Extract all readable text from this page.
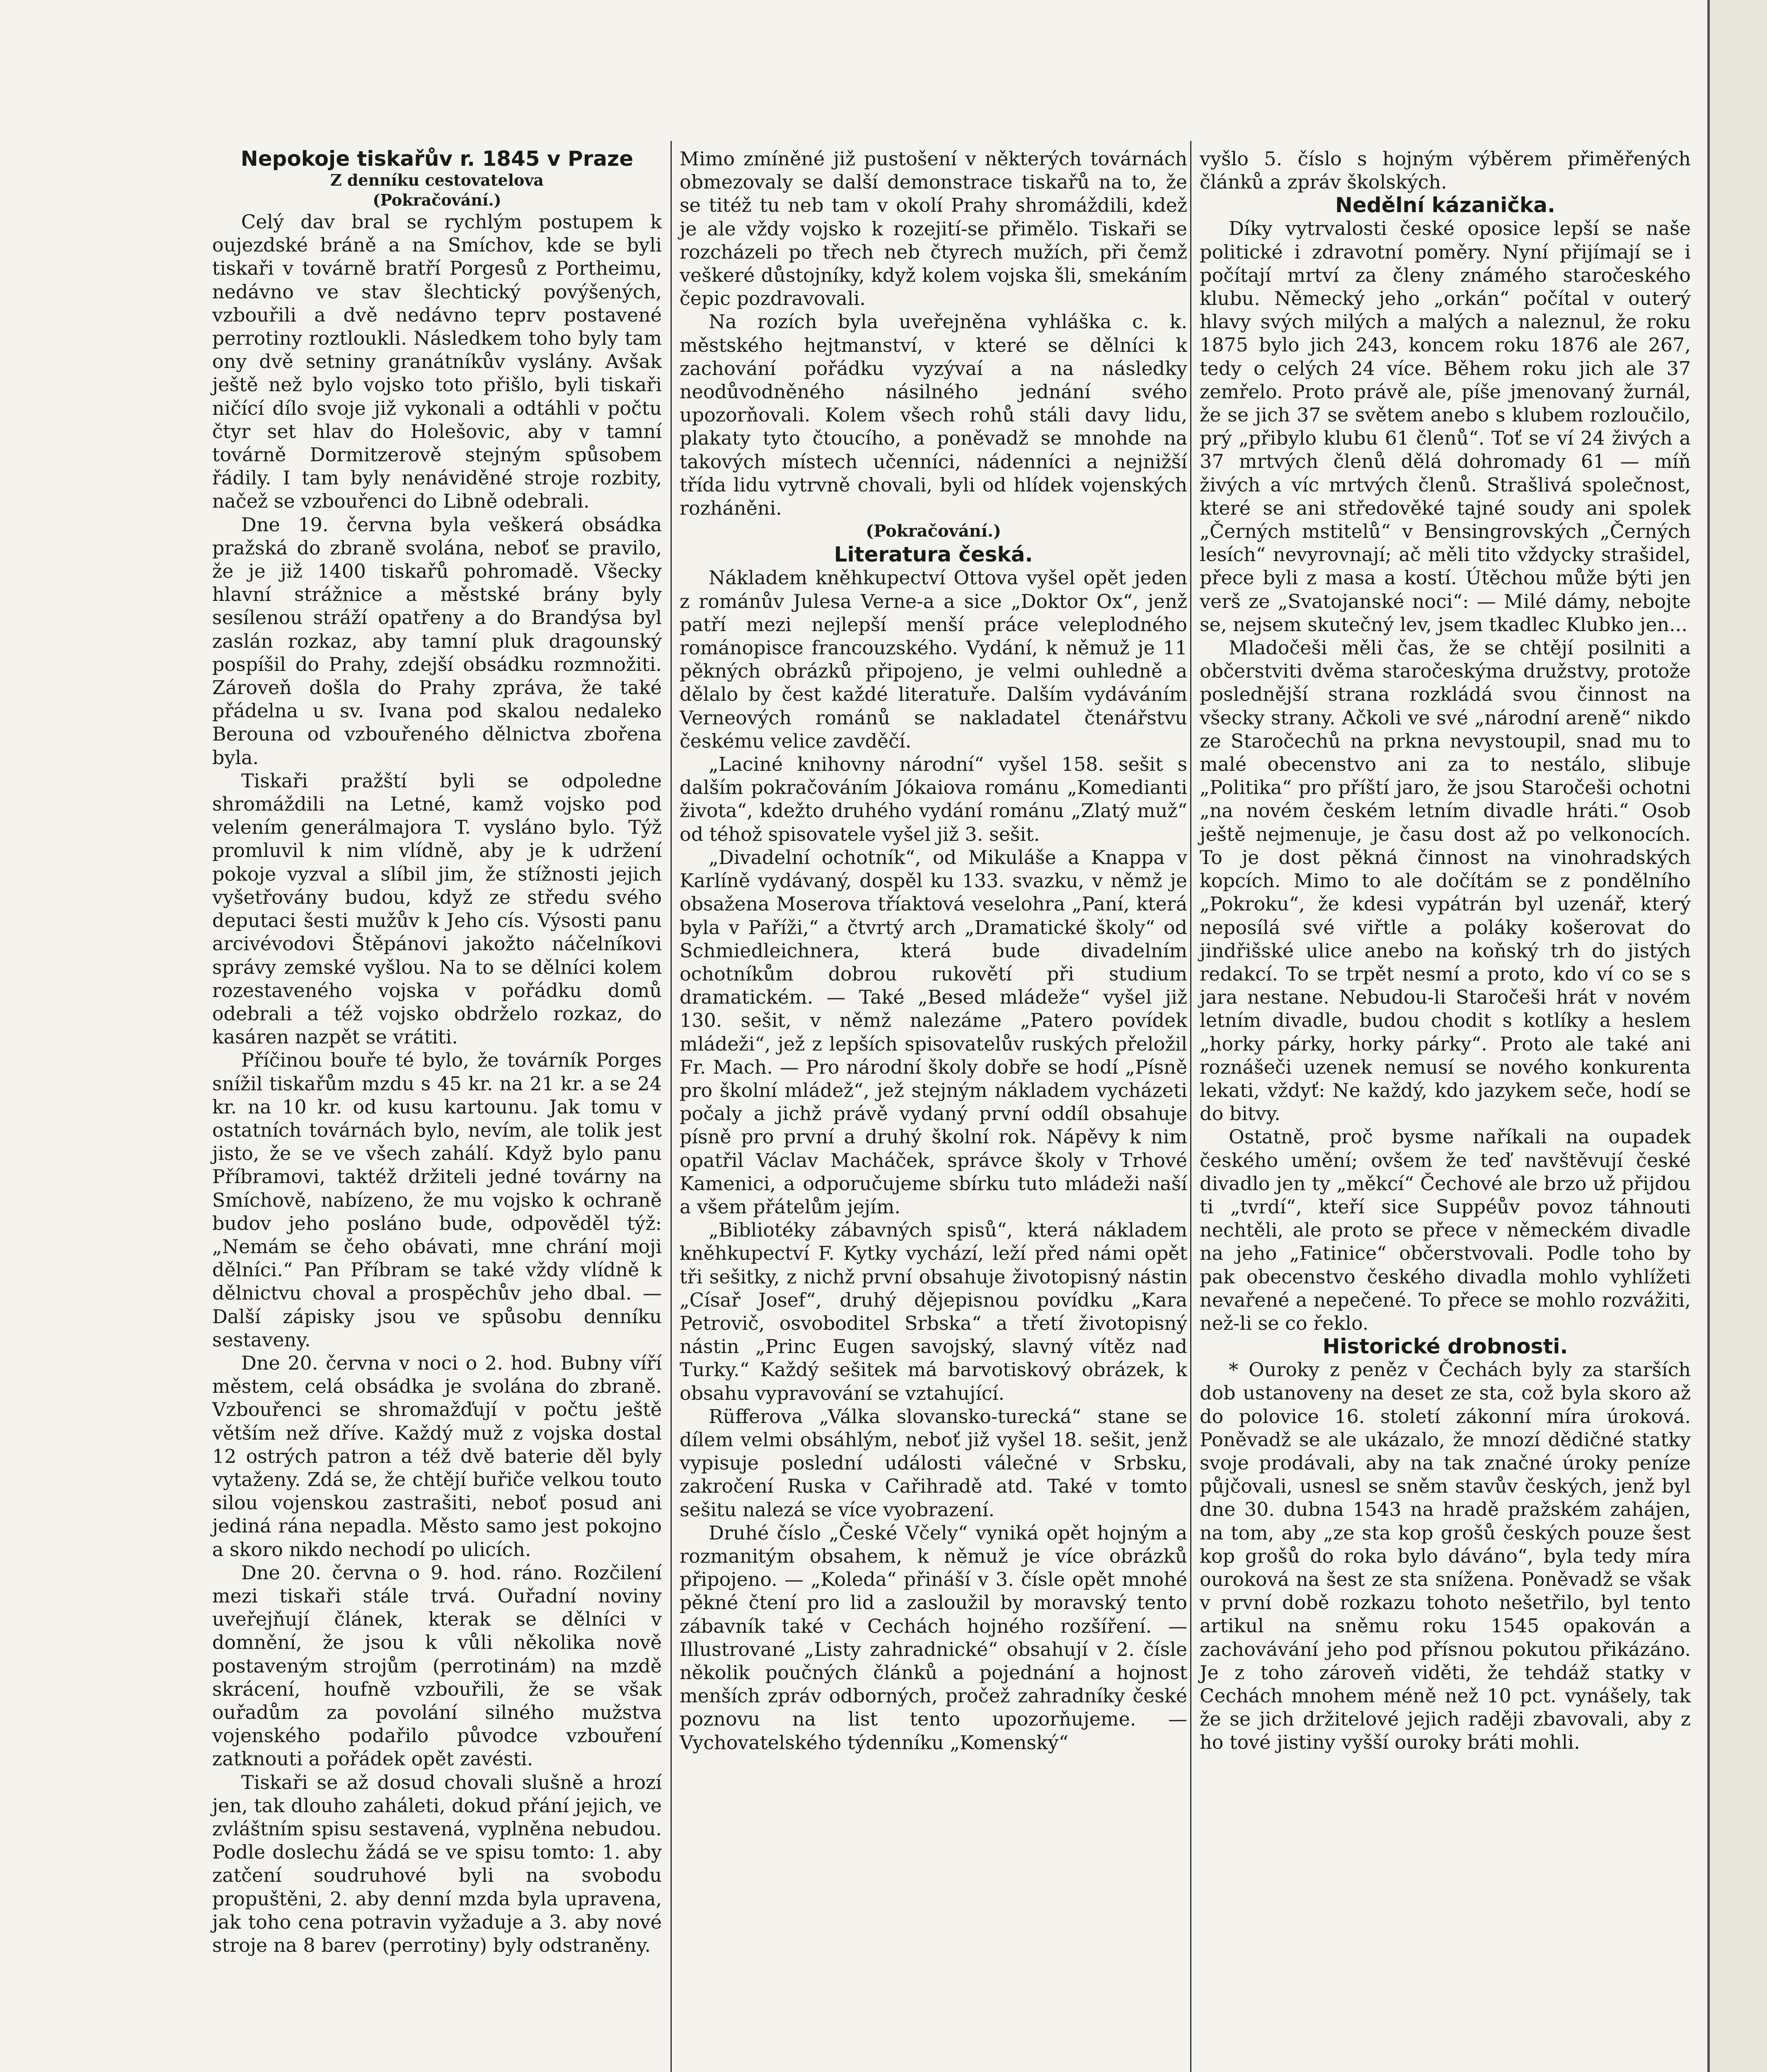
Nepokoje tiskařův r. 1845 v Praze
Z denníku cestovatelova
(Pokračování.)

Celý dav bral se rychlým postupem k oujezdské bráně a na Smíchov, kde se byli tiskaři v továrně bratří Porgesů z Portheimu, nedávno ve stav šlechtický povýšených, vzbouřili a dvě nedávno teprv postavené perrotiny roztloukli. Následkem toho byly tam ony dvě setniny granátníkův vyslány. Avšak ještě než bylo vojsko toto přišlo, byli tiskaři ničící dílo svoje již vykonali a odtáhli v počtu čtyr set hlav do Holešovic, aby v tamní továrně Dormitzerově stejným spůsobem řádily. I tam byly nenáviděné stroje rozbity, načež se vzbouřenci do Libně odebrali.

Dne 19. června byla veškerá obsádka pražská do zbraně svolána, neboť se pravilo, že je již 1400 tiskařů pohromadě. Všecky hlavní strážnice a městské brány byly sesílenou stráží opatřeny a do Brandýsa byl zaslán rozkaz, aby tamní pluk dragounský pospíšil do Prahy, zdejší obsádku rozmnožiti. Zároveň došla do Prahy zpráva, že také přádelna u sv. Ivana pod skalou nedaleko Berouna od vzbouřeného dělnictva zbořena byla.

Tiskaři pražští byli se odpoledne shromáždili na Letné, kamž vojsko pod velením generálmajora T. vysláno bylo. Týž promluvil k nim vlídně, aby je k udržení pokoje vyzval a slíbil jim, že stížnosti jejich vyšetřovány budou, když ze středu svého deputaci šesti mužův k Jeho cís. Výsosti panu arcivévodovi Štěpánovi jakožto náčelníkovi správy zemské vyšlou. Na to se dělníci kolem rozestaveného vojska v pořádku domů odebrali a též vojsko obdrželo rozkaz, do kasáren nazpět se vrátiti.

Příčinou bouře té bylo, že továrník Porges snížil tiskařům mzdu s 45 kr. na 21 kr. a se 24 kr. na 10 kr. od kusu kartounu. Jak tomu v ostatních továrnách bylo, nevím, ale tolik jest jisto, že se ve všech zahálí. Když bylo panu Příbramovi, taktéž držiteli jedné továrny na Smíchově, nabízeno, že mu vojsko k ochraně budov jeho posláno bude, odpověděl týž: „Nemám se čeho obávati, mne chrání moji dělníci.“ Pan Příbram se také vždy vlídně k dělnictvu choval a prospěchův jeho dbal. — Další zápisky jsou ve spůsobu denníku sestaveny.

Dne 20. června v noci o 2. hod. Bubny víří městem, celá obsádka je svolána do zbraně. Vzbouřenci se shromažďují v počtu ještě větším než dříve. Každý muž z vojska dostal 12 ostrých patron a též dvě baterie děl byly vytaženy. Zdá se, že chtějí buřiče velkou touto silou vojenskou zastrašiti, neboť posud ani jediná rána nepadla. Město samo jest pokojno a skoro nikdo nechodí po ulicích.

Dne 20. června o 9. hod. ráno. Rozčilení mezi tiskaři stále trvá. Ouřadní noviny uveřejňují článek, kterak se dělníci v domnění, že jsou k vůli několika nově postaveným strojům (perrotinám) na mzdě skrácení, houfně vzbouřili, že se však ouřadům za povolání silného mužstva vojenského podařilo původce vzbouření zatknouti a pořádek opět zavésti.

Tiskaři se až dosud chovali slušně a hrozí jen, tak dlouho zaháleti, dokud přání jejich, ve zvláštním spisu sestavená, vyplněna nebudou. Podle doslechu žádá se ve spisu tomto: 1. aby zatčení soudruhové byli na svobodu propuštěni, 2. aby denní mzda byla upravena, jak toho cena potravin vyžaduje a 3. aby nové stroje na 8 barev (perrotiny) byly odstraněny.

Mimo zmíněné již pustošení v některých továrnách obmezovaly se další demonstrace tiskařů na to, že se titéž tu neb tam v okolí Prahy shromáždili, kdež je ale vždy vojsko k rozejití-se přimělo. Tiskaři se rozcházeli po třech neb čtyrech mužích, při čemž veškeré důstojníky, když kolem vojska šli, smekáním čepic pozdravovali.

Na rozích byla uveřejněna vyhláška c. k. městského hejtmanství, v které se dělníci k zachování pořádku vyzývaí a na následky neodůvodněného násilného jednání svého upozorňovali. Kolem všech rohů stáli davy lidu, plakaty tyto čtoucího, a poněvadž se mnohde na takových místech učenníci, nádenníci a nejnižší třída lidu vytrvně chovali, byli od hlídek vojenských rozháněni.

(Pokračování.)
Literatura česká.

Nákladem kněhkupectví Ottova vyšel opět jeden z románův Julesa Verne-a a sice „Doktor Ox“, jenž patří mezi nejlepší menší práce veleplodného románopisce francouzského. Vydání, k němuž je 11 pěkných obrázků připojeno, je velmi ouhledně a dělalo by čest každé literatuře. Dalším vydáváním Verneových románů se nakladatel čtenářstvu českému velice zavděčí.

„Laciné knihovny národní“ vyšel 158. sešit s dalším pokračováním Jókaiova románu „Komedianti života“, kdežto druhého vydání románu „Zlatý muž“ od téhož spisovatele vyšel již 3. sešit.

„Divadelní ochotník“, od Mikuláše a Knappa v Karlíně vydávaný, dospěl ku 133. svazku, v němž je obsažena Moserova tříaktová veselohra „Paní, která byla v Paříži,“ a čtvrtý arch „Dramatické školy“ od Schmiedleichnera, která bude divadelním ochotníkům dobrou rukovětí při studium dramatickém. — Také „Besed mládeže“ vyšel již 130. sešit, v němž nalezáme „Patero povídek mládeži“, jež z lepších spisovatelův ruských přeložil Fr. Mach. — Pro národní školy dobře se hodí „Písně pro školní mládež“, jež stejným nákladem vycházeti počaly a jichž právě vydaný první oddíl obsahuje písně pro první a druhý školní rok. Nápěvy k nim opatřil Václav Macháček, správce školy v Trhové Kamenici, a odporučujeme sbírku tuto mládeži naší a všem přátelům jejím.

„Bibliotéky zábavných spisů“, která nákladem kněhkupectví F. Kytky vychází, leží před námi opět tři sešitky, z nichž první obsahuje životopisný nástin „Císař Josef“, druhý dějepisnou povídku „Kara Petrovič, osvoboditel Srbska“ a třetí životopisný nástin „Princ Eugen savojský, slavný vítěz nad Turky.“ Každý sešitek má barvotiskový obrázek, k obsahu vypravování se vztahující.

Rüfferova „Válka slovansko-turecká“ stane se dílem velmi obsáhlým, neboť již vyšel 18. sešit, jenž vypisuje poslední události válečné v Srbsku, zakročení Ruska v Cařihradě atd. Také v tomto sešitu nalezá se více vyobrazení.

Druhé číslo „České Včely“ vyniká opět hojným a rozmanitým obsahem, k němuž je více obrázků připojeno. — „Koleda“ přináší v 3. čísle opět mnohé pěkné čtení pro lid a zasloužil by moravský tento zábavník také v Cechách hojného rozšíření. — Illustrované „Listy zahradnické“ obsahují v 2. čísle několik poučných článků a pojednání a hojnost menších zpráv odborných, pročež zahradníky české poznovu na list tento upozorňujeme. — Vychovatelského týdenníku „Komenský“

vyšlo 5. číslo s hojným výběrem přiměřených článků a zpráv školských.

Nedělní kázanička.

Díky vytrvalosti české oposice lepší se naše politické i zdravotní poměry. Nyní přijímají se i počítají mrtví za členy známého staročeského klubu. Německý jeho „orkán“ počítal v outerý hlavy svých milých a malých a naleznul, že roku 1875 bylo jich 243, koncem roku 1876 ale 267, tedy o celých 24 více. Během roku jich ale 37 zemřelo. Proto právě ale, píše jmenovaný žurnál, že se jich 37 se světem anebo s klubem rozloučilo, prý „přibylo klubu 61 členů“. Toť se ví 24 živých a 37 mrtvých členů dělá dohromady 61 — míň živých a víc mrtvých členů. Strašlivá společnost, které se ani středověké tajné soudy ani spolek „Černých mstitelů“ v Bensingrovských „Černých lesích“ nevyrovnají; ač měli tito vždycky strašidel, přece byli z masa a kostí. Útěchou může býti jen verš ze „Svatojanské noci“: — Milé dámy, nebojte se, nejsem skutečný lev, jsem tkadlec Klubko jen...

Mladočeši měli čas, že se chtějí posilniti a občerstviti dvěma staročeskýma družstvy, protože poslednější strana rozkládá svou činnost na všecky strany. Ačkoli ve své „národní areně“ nikdo ze Staročechů na prkna nevystoupil, snad mu to malé obecenstvo ani za to nestálo, slibuje „Politika“ pro příští jaro, že jsou Staročeši ochotni „na novém českém letním divadle hráti.“ Osob ještě nejmenuje, je času dost až po velkonocích. To je dost pěkná činnost na vinohradských kopcích. Mimo to ale dočítám se z pondělního „Pokroku“, že kdesi vypátrán byl uzenář, který neposílá své viřtle a poláky košerovat do jindřišské ulice anebo na koňský trh do jistých redakcí. To se trpět nesmí a proto, kdo ví co se s jara nestane. Nebudou-li Staročeši hrát v novém letním divadle, budou chodit s kotlíky a heslem „horky párky, horky párky“. Proto ale také ani roznášeči uzenek nemusí se nového konkurenta lekati, vždyť: Ne každý, kdo jazykem seče, hodí se do bitvy.

Ostatně, proč bysme naříkali na oupadek českého umění; ovšem že teď navštěvují české divadlo jen ty „měkcí“ Čechové ale brzo už přijdou ti „tvrdí“, kteří sice Suppéův povoz táhnouti nechtěli, ale proto se přece v německém divadle na jeho „Fatinice“ občerstvovali. Podle toho by pak obecenstvo českého divadla mohlo vyhlížeti nevařené a nepečené. To přece se mohlo rozvážiti, než-li se co řeklo.

Historické drobnosti.

* Ouroky z peněz v Čechách byly za starších dob ustanoveny na deset ze sta, což byla skoro až do polovice 16. století zákonní míra úroková. Poněvadž se ale ukázalo, že mnozí dědičné statky svoje prodávali, aby na tak značné úroky peníze půjčovali, usnesl se sněm stavův českých, jenž byl dne 30. dubna 1543 na hradě pražském zahájen, na tom, aby „ze sta kop grošů českých pouze šest kop grošů do roka bylo dáváno“, byla tedy míra ouroková na šest ze sta snížena. Poněvadž se však v první době rozkazu tohoto nešetřilo, byl tento artikul na sněmu roku 1545 opakován a zachovávání jeho pod přísnou pokutou přikázáno. Je z toho zároveň viděti, že tehdáž statky v Cechách mnohem méně než 10 pct. vynášely, tak že se jich držitelové jejich raději zbavovali, aby z ho tové jistiny vyšší ouroky bráti mohli.
